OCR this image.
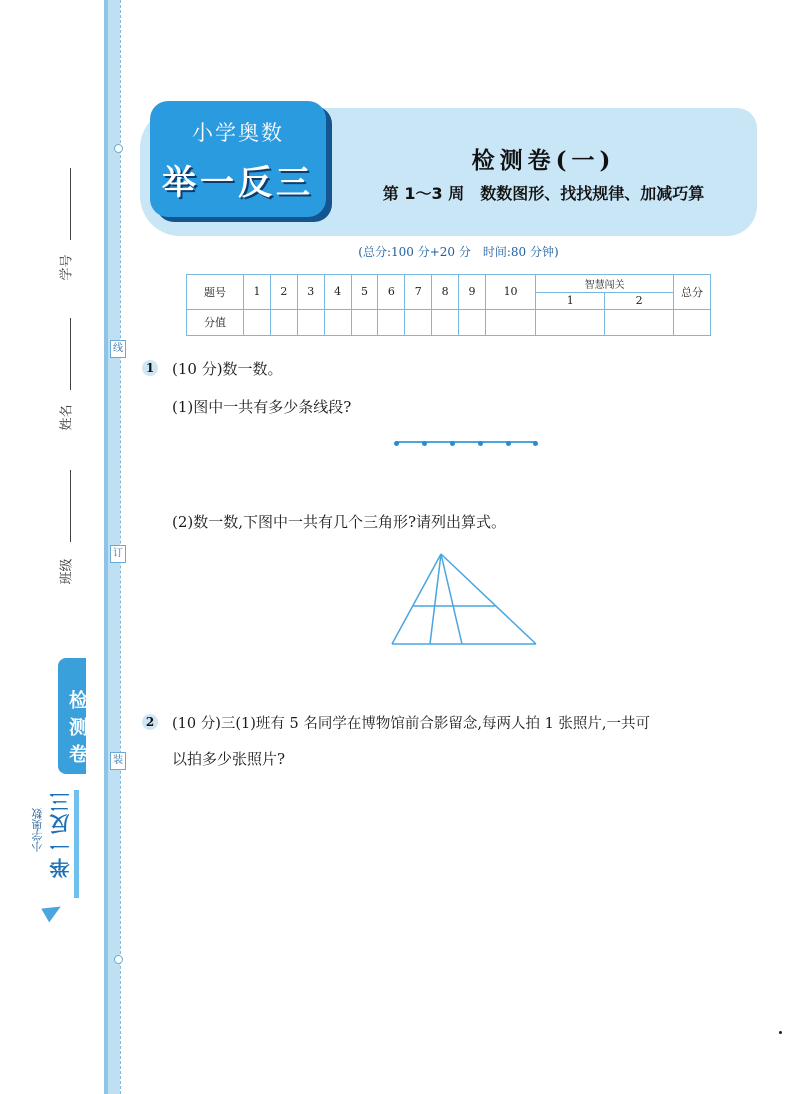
线
订
装
学号
姓名
班级
检测卷
小学奥数 举一反三
小学奥数
举一反三
检测卷(一)
第 1～3 周　数数图形、找找规律、加减巧算
(总分:100 分+20 分　时间:80 分钟)
题号	1	2	3	4	5	6	7	8	9	10	智慧闯关		总分
											1	2	
分值													
1 (10 分)数一数。
(1)图中一共有多少条线段?
(2)数一数,下图中一共有几个三角形?请列出算式。
2 (10 分)三(1)班有 5 名同学在博物馆前合影留念,每两人拍 1 张照片,一共可
以拍多少张照片?
